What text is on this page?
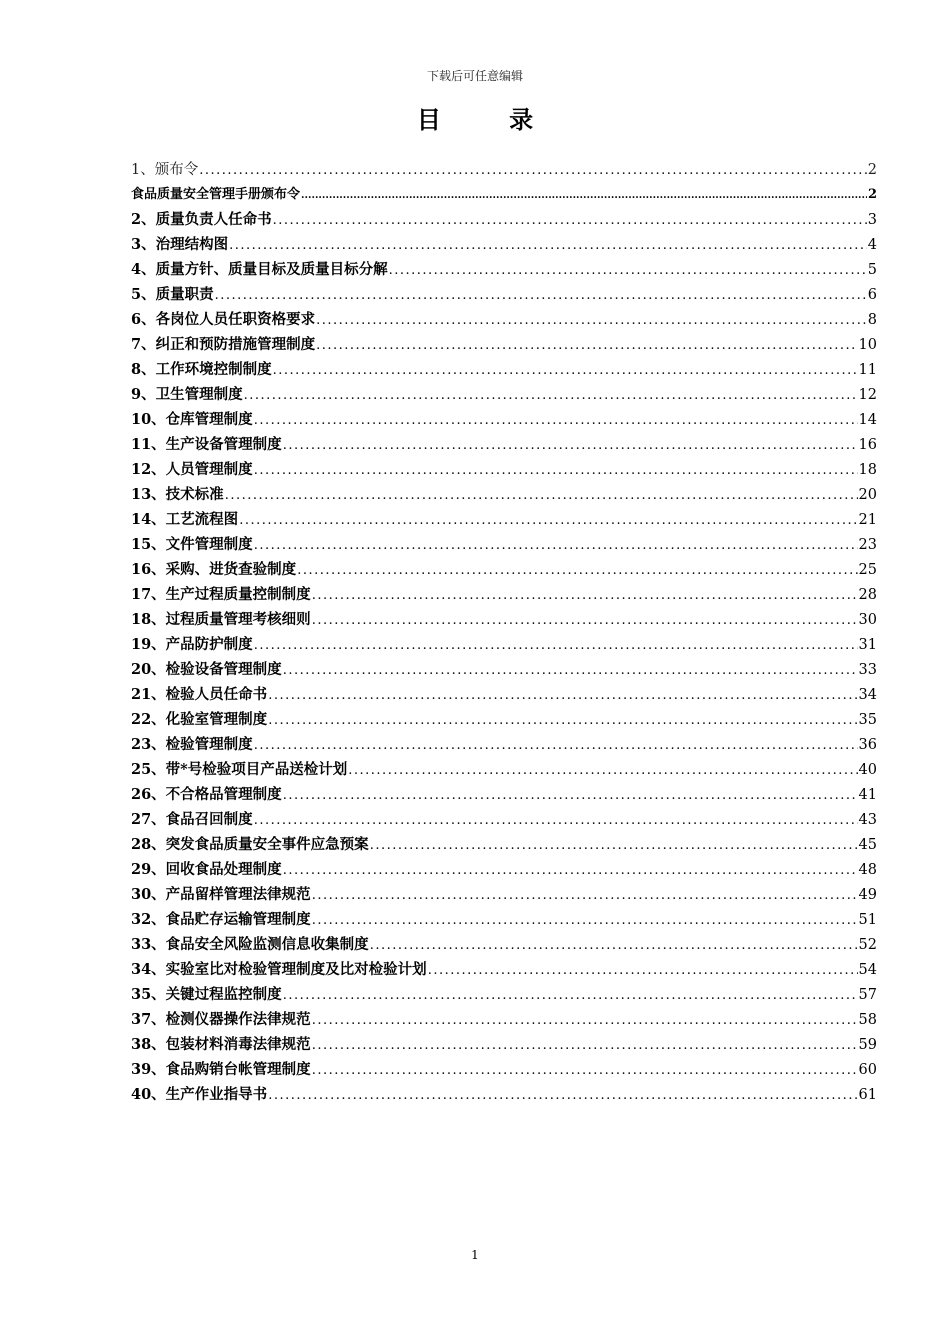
下载后可任意编辑
目 录
1、颁布令 .....	2
食品质量安全管理手册颁布令 .....	2
2、质量负责人任命书 .....	3
3、治理结构图 .....	4
4、质量方针、质量目标及质量目标分解 .....	5
5、质量职责 .....	6
6、各岗位人员任职资格要求 .....	8
7、纠正和预防措施管理制度 .....	10
8、工作环境控制制度 .....	11
9、卫生管理制度 .....	12
10、仓库管理制度 .....	14
11、生产设备管理制度 .....	16
12、人员管理制度 .....	18
13、技术标准 .....	20
14、工艺流程图 .....	21
15、文件管理制度 .....	23
16、采购、进货查验制度 .....	25
17、生产过程质量控制制度 .....	28
18、过程质量管理考核细则 .....	30
19、产品防护制度 .....	31
20、检验设备管理制度 .....	33
21、检验人员任命书 .....	34
22、化验室管理制度 .....	35
23、检验管理制度 .....	36
25、带*号检验项目产品送检计划 .....	40
26、不合格品管理制度 .....	41
27、食品召回制度 .....	43
28、突发食品质量安全事件应急预案 .....	45
29、回收食品处理制度 .....	48
30、产品留样管理法律规范 .....	49
32、食品贮存运输管理制度 .....	51
33、食品安全风险监测信息收集制度 .....	52
34、实验室比对检验管理制度及比对检验计划 .....	54
35、关键过程监控制度 .....	57
37、检测仪器操作法律规范 .....	58
38、包装材料消毒法律规范 .....	59
39、食品购销台帐管理制度 .....	60
40、生产作业指导书 .....	61
1
